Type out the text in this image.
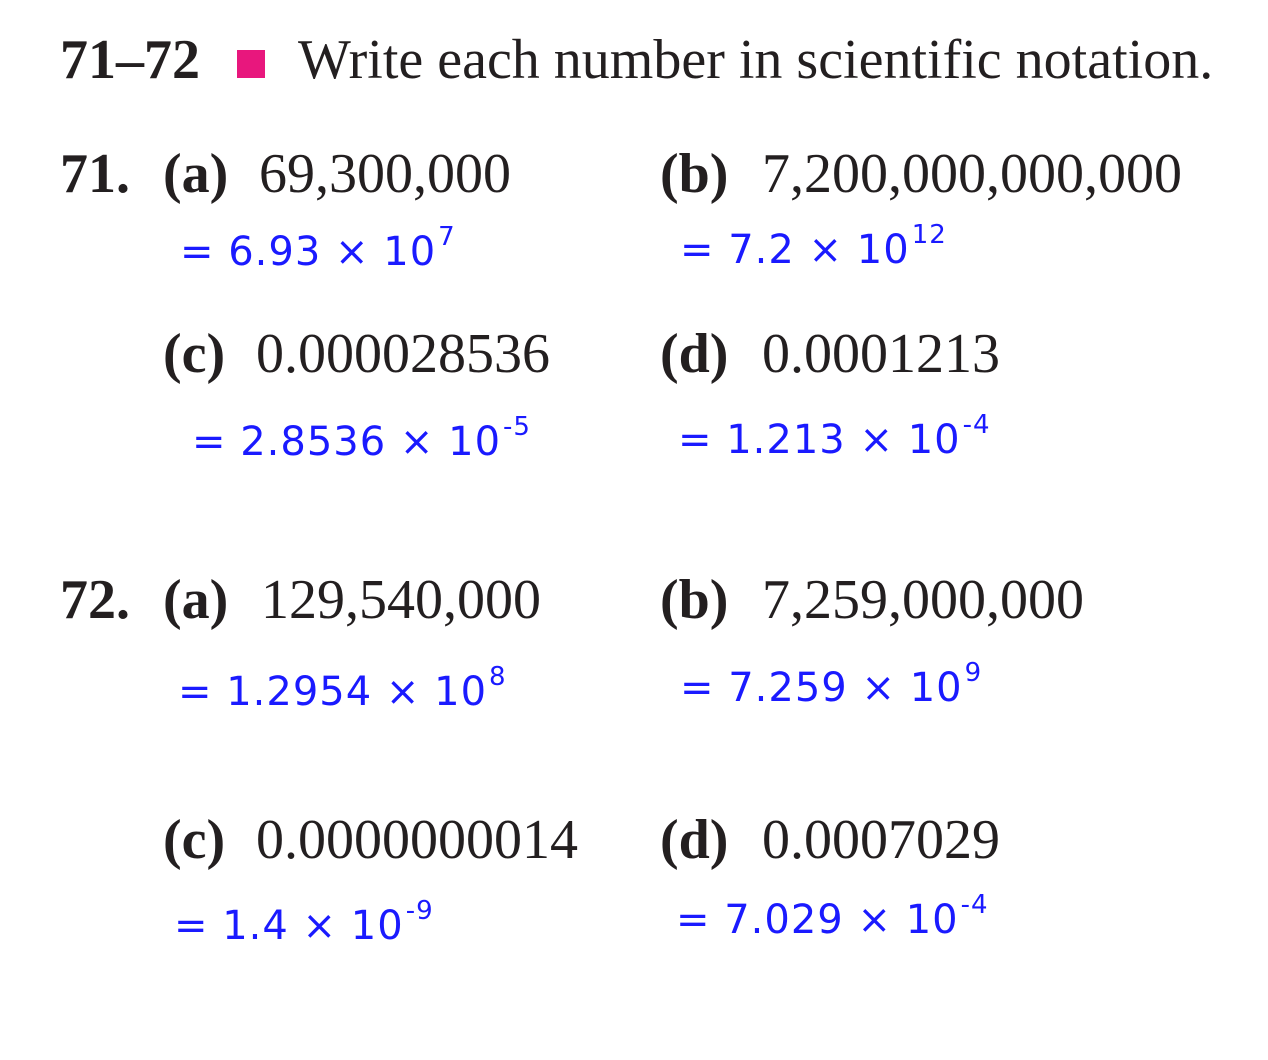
71–72 Write each number in scientific notation.
71. (a) 69,300,000
= $6.93 \times 10^7$
(b) 7,200,000,000,000
= $7.2 \times 10^{12}$
(c) 0.000028536
= $2.8536 \times 10^{-5}$
(d) 0.0001213
= $1.213 \times 10^{-4}$
72. (a) 129,540,000
= $1.2954 \times 10^8$
(b) 7,259,000,000
= $7.259 \times 10^9$
(c) 0.0000000014
= $1.4 \times 10^{-9}$
(d) 0.0007029
= $7.029 \times 10^{-4}$
